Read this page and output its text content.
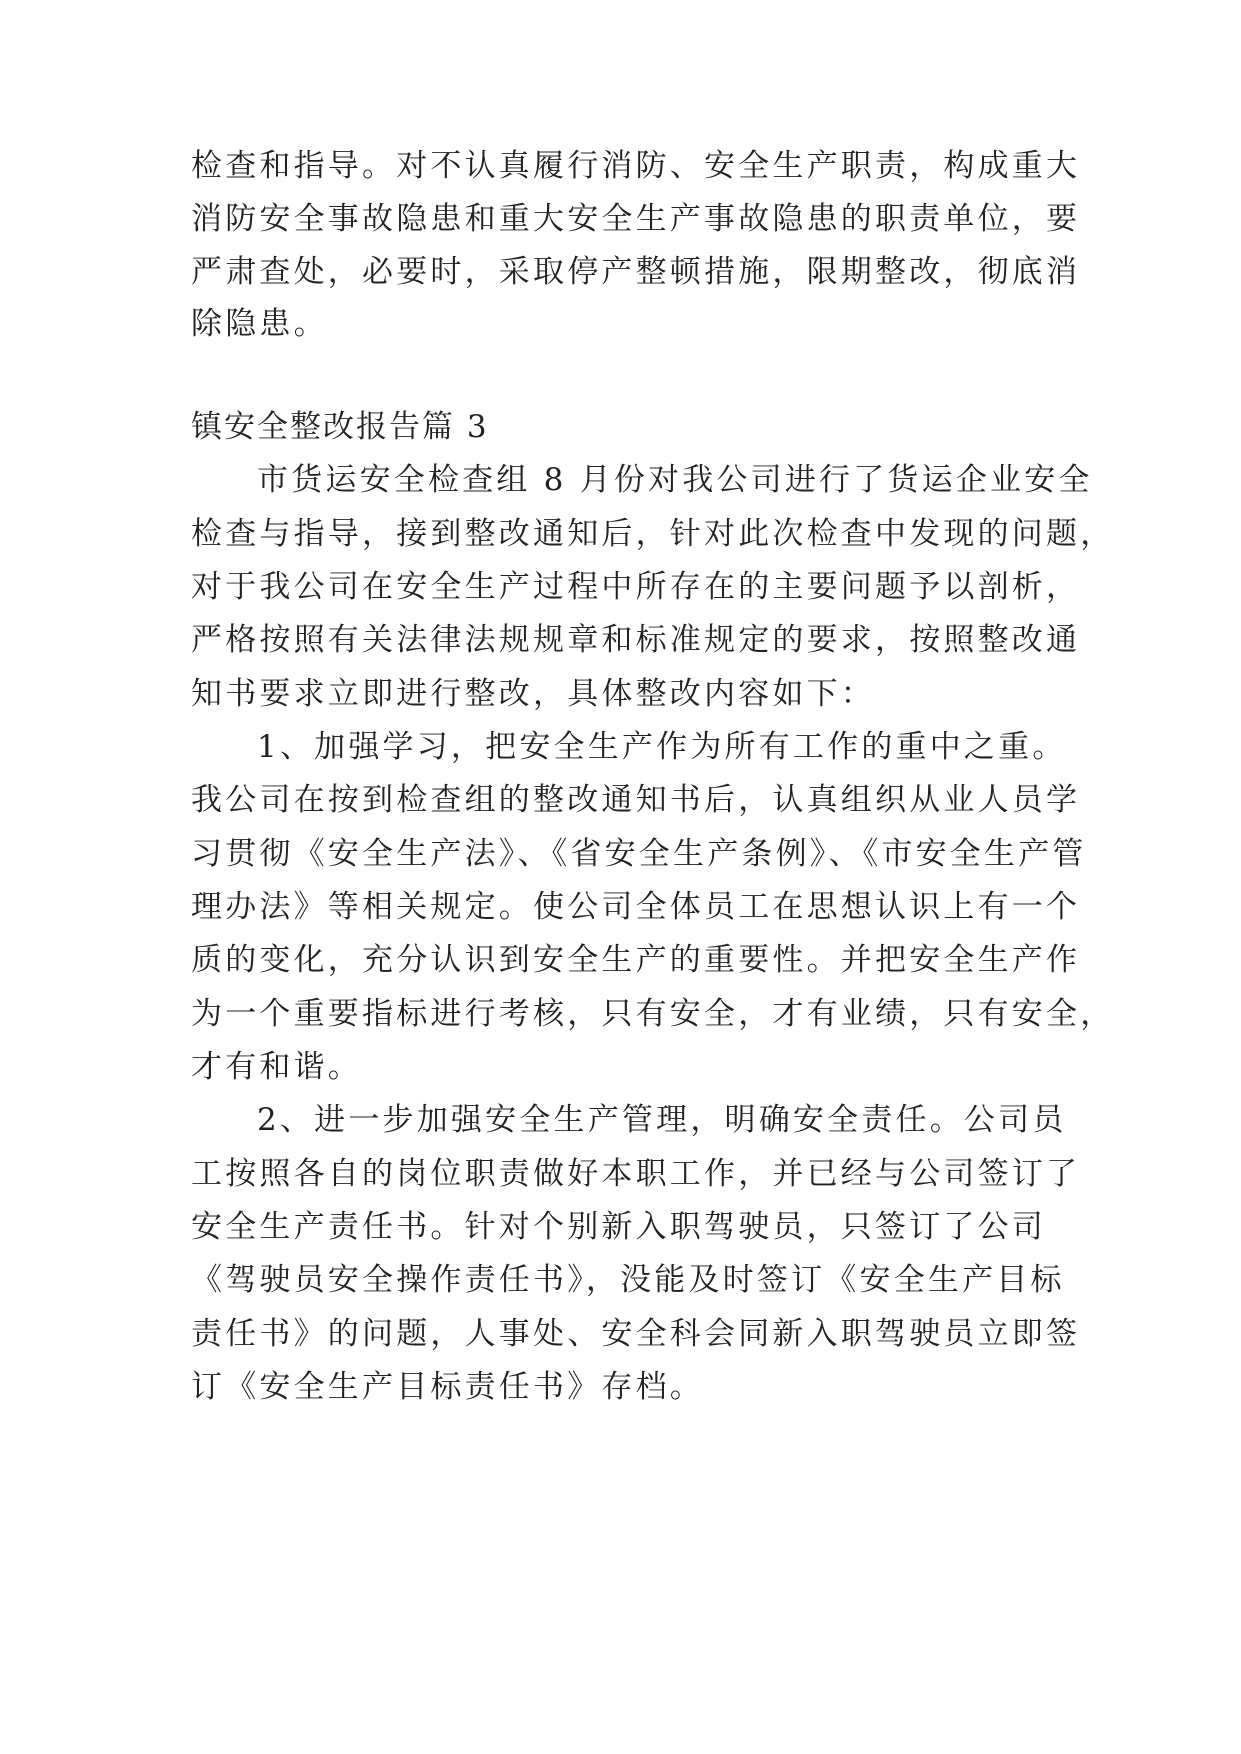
检查和指导。对不认真履行消防、安全生产职责，构成重大
消防安全事故隐患和重大安全生产事故隐患的职责单位，要
严肃查处，必要时，采取停产整顿措施，限期整改，彻底消
除隐患。
镇安全整改报告篇 3
市货运安全检查组 8 月份对我公司进行了货运企业安全
检查与指导，接到整改通知后，针对此次检查中发现的问题，
对于我公司在安全生产过程中所存在的主要问题予以剖析，
严格按照有关法律法规规章和标准规定的要求，按照整改通
知书要求立即进行整改，具体整改内容如下：
1、加强学习，把安全生产作为所有工作的重中之重。
我公司在按到检查组的整改通知书后，认真组织从业人员学
习贯彻《安全生产法》、《省安全生产条例》、《市安全生产管
理办法》等相关规定。使公司全体员工在思想认识上有一个
质的变化，充分认识到安全生产的重要性。并把安全生产作
为一个重要指标进行考核，只有安全，才有业绩，只有安全，
才有和谐。
2、进一步加强安全生产管理，明确安全责任。公司员
工按照各自的岗位职责做好本职工作，并已经与公司签订了
安全生产责任书。针对个别新入职驾驶员，只签订了公司
《驾驶员安全操作责任书》，没能及时签订《安全生产目标
责任书》的问题，人事处、安全科会同新入职驾驶员立即签
订《安全生产目标责任书》存档。
